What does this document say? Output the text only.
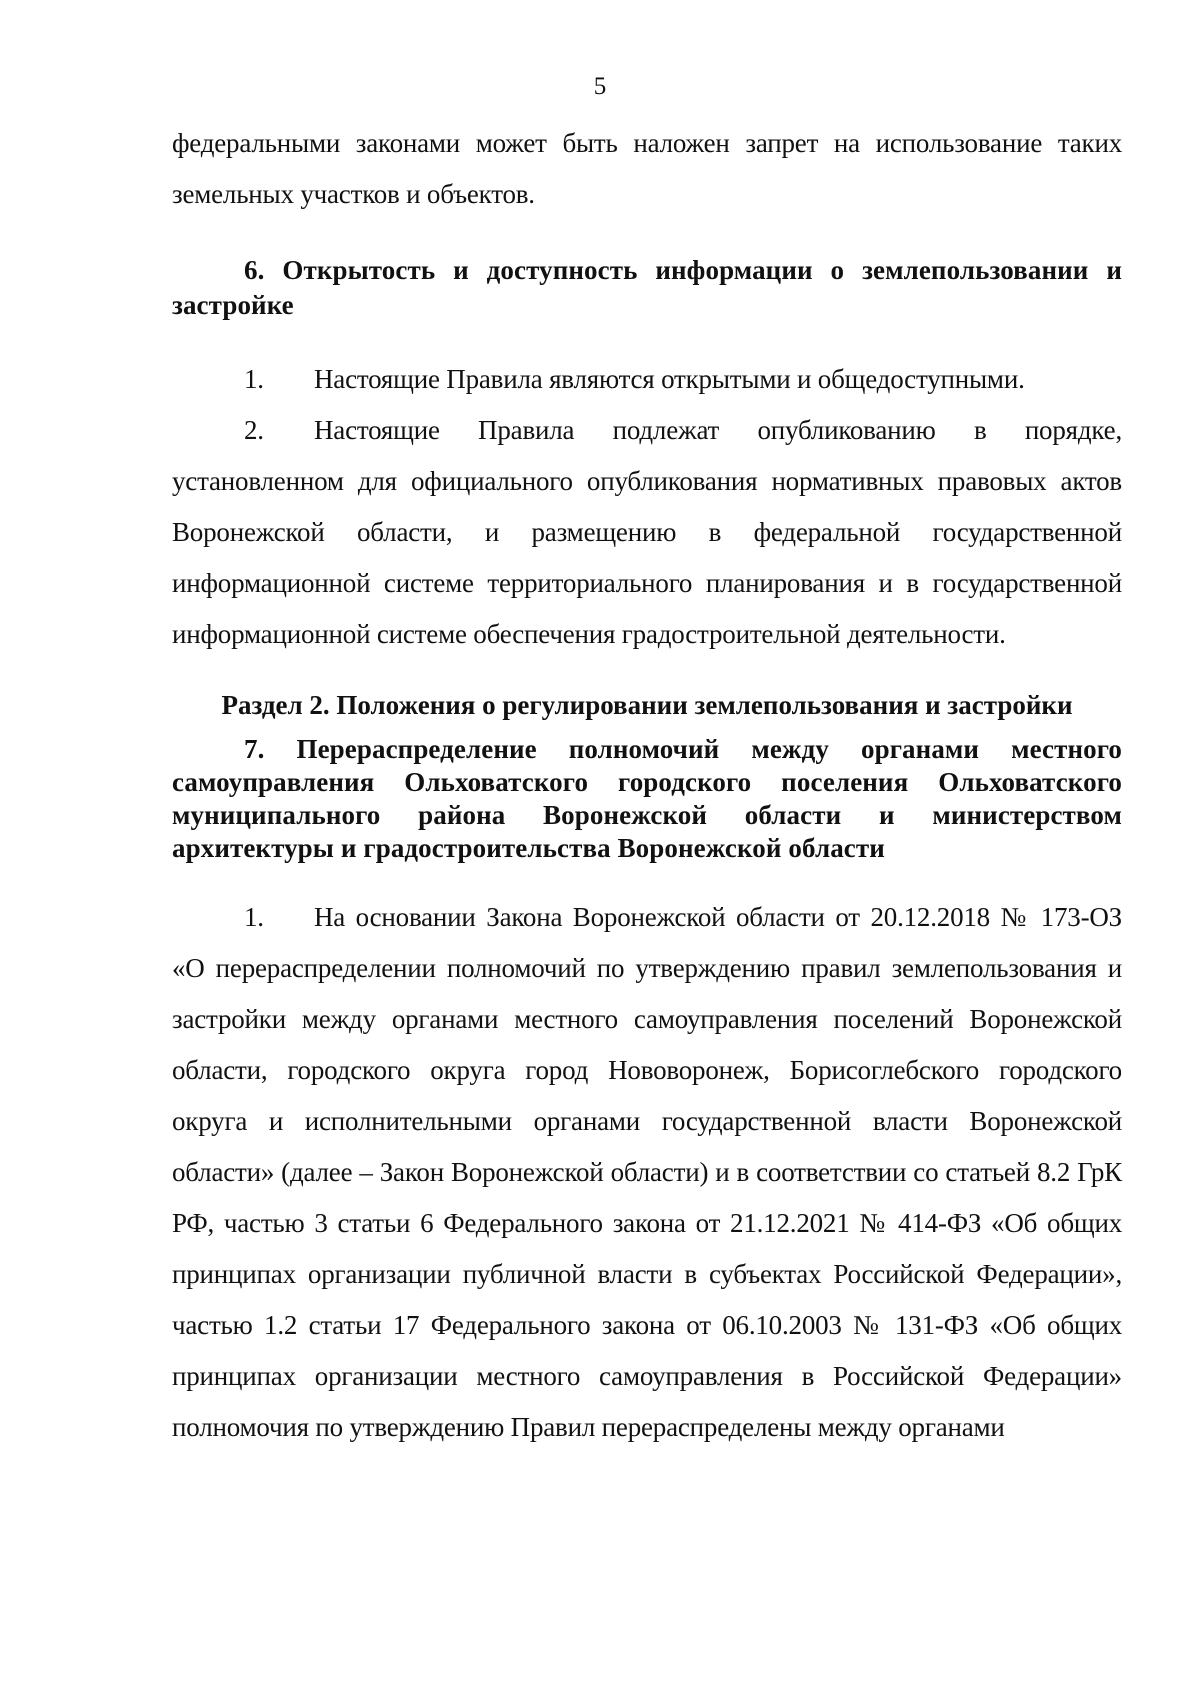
5

федеральными законами может быть наложен запрет на использование таких земельных участков и объектов.

6. Открытость и доступность информации о землепользовании и застройке

1. Настоящие Правила являются открытыми и общедоступными.

2. Настоящие Правила подлежат опубликованию в порядке, установленном для официального опубликования нормативных правовых актов Воронежской области, и размещению в федеральной государственной информационной системе территориального планирования и в государственной информационной системе обеспечения градостроительной деятельности.

Раздел 2. Положения о регулировании землепользования и застройки

7. Перераспределение полномочий между органами местного самоуправления Ольховатского городского поселения Ольховатского муниципального района Воронежской области и министерством архитектуры и градостроительства Воронежской области

1. На основании Закона Воронежской области от 20.12.2018 № 173-ОЗ «О перераспределении полномочий по утверждению правил землепользования и застройки между органами местного самоуправления поселений Воронежской области, городского округа город Нововоронеж, Борисоглебского городского округа и исполнительными органами государственной власти Воронежской области» (далее – Закон Воронежской области) и в соответствии со статьей 8.2 ГрК РФ, частью 3 статьи 6 Федерального закона от 21.12.2021 № 414-ФЗ «Об общих принципах организации публичной власти в субъектах Российской Федерации», частью 1.2 статьи 17 Федерального закона от 06.10.2003 № 131-ФЗ «Об общих принципах организации местного самоуправления в Российской Федерации» полномочия по утверждению Правил перераспределены между органами
